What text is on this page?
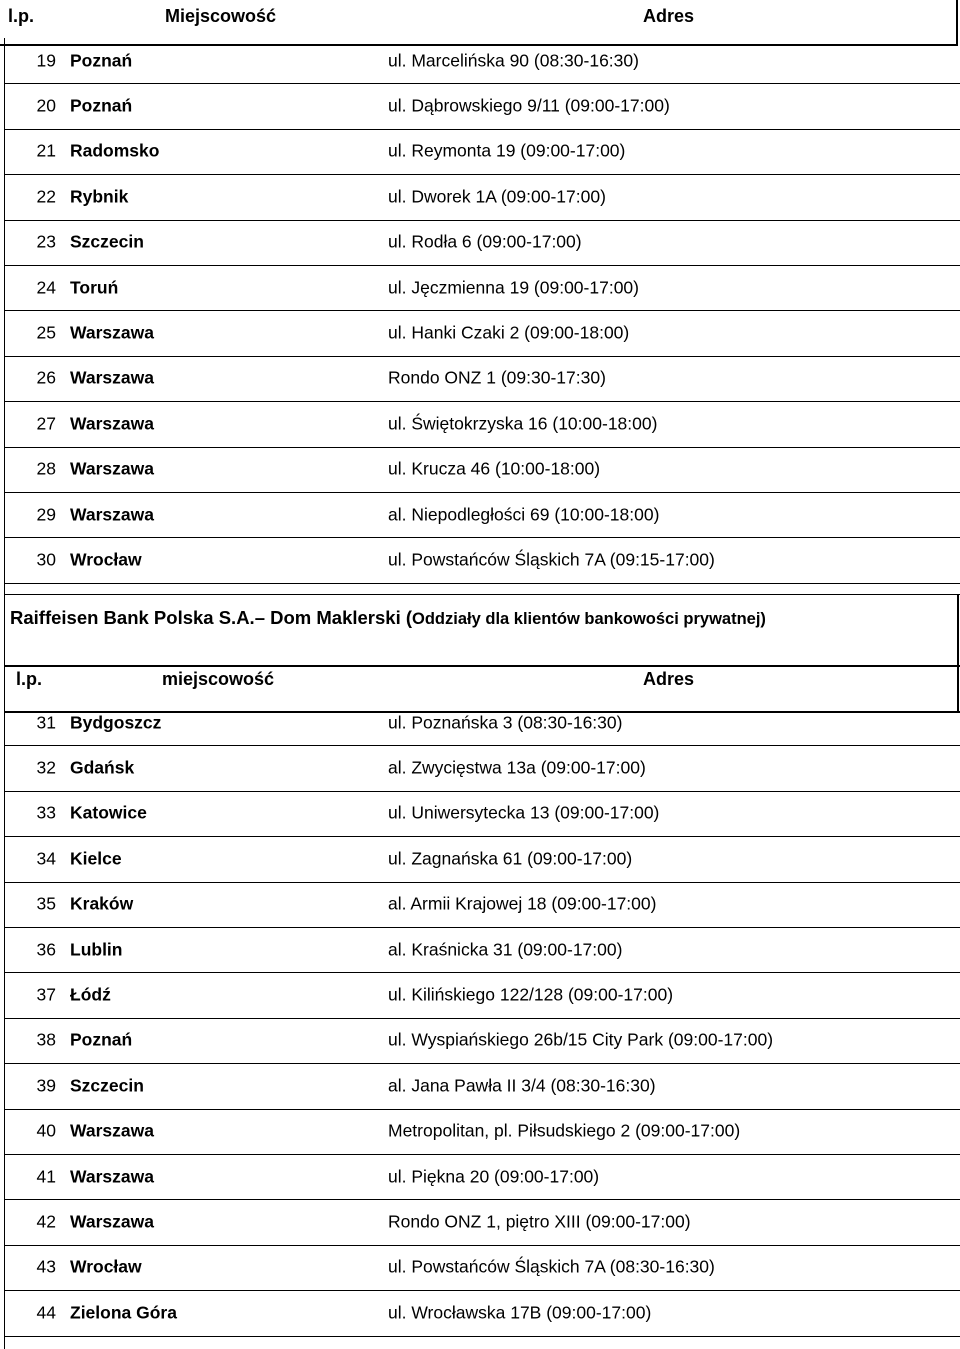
l.p.	Miejscowość	Adres
19 Poznań	ul. Marcelińska 90 (08:30-16:30)
20 Poznań	ul. Dąbrowskiego 9/11 (09:00-17:00)
21 Radomsko	ul. Reymonta 19 (09:00-17:00)
22 Rybnik	ul. Dworek 1A (09:00-17:00)
23 Szczecin	ul. Rodła 6 (09:00-17:00)
24 Toruń	ul. Jęczmienna 19 (09:00-17:00)
25 Warszawa	ul. Hanki Czaki 2 (09:00-18:00)
26 Warszawa	Rondo ONZ 1 (09:30-17:30)
27 Warszawa	ul. Świętokrzyska 16 (10:00-18:00)
28 Warszawa	ul. Krucza 46 (10:00-18:00)
29 Warszawa	al. Niepodległości 69 (10:00-18:00)
30 Wrocław	ul. Powstańców Śląskich 7A (09:15-17:00)
Raiffeisen Bank Polska S.A.– Dom Maklerski (Oddziały dla klientów bankowości prywatnej)
l.p.	miejscowość	Adres
31 Bydgoszcz	ul. Poznańska 3 (08:30-16:30)
32 Gdańsk	al. Zwycięstwa 13a (09:00-17:00)
33 Katowice	ul. Uniwersytecka 13 (09:00-17:00)
34 Kielce	ul. Zagnańska 61 (09:00-17:00)
35 Kraków	al. Armii Krajowej 18 (09:00-17:00)
36 Lublin	al. Kraśnicka 31 (09:00-17:00)
37 Łódź	ul. Kilińskiego 122/128 (09:00-17:00)
38 Poznań	ul. Wyspiańskiego 26b/15 City Park (09:00-17:00)
39 Szczecin	al. Jana Pawła II 3/4 (08:30-16:30)
40 Warszawa	Metropolitan, pl. Piłsudskiego 2 (09:00-17:00)
41 Warszawa	ul. Piękna 20 (09:00-17:00)
42 Warszawa	Rondo ONZ 1, piętro XIII (09:00-17:00)
43 Wrocław	ul. Powstańców Śląskich 7A (08:30-16:30)
44 Zielona Góra	ul. Wrocławska 17B (09:00-17:00)
